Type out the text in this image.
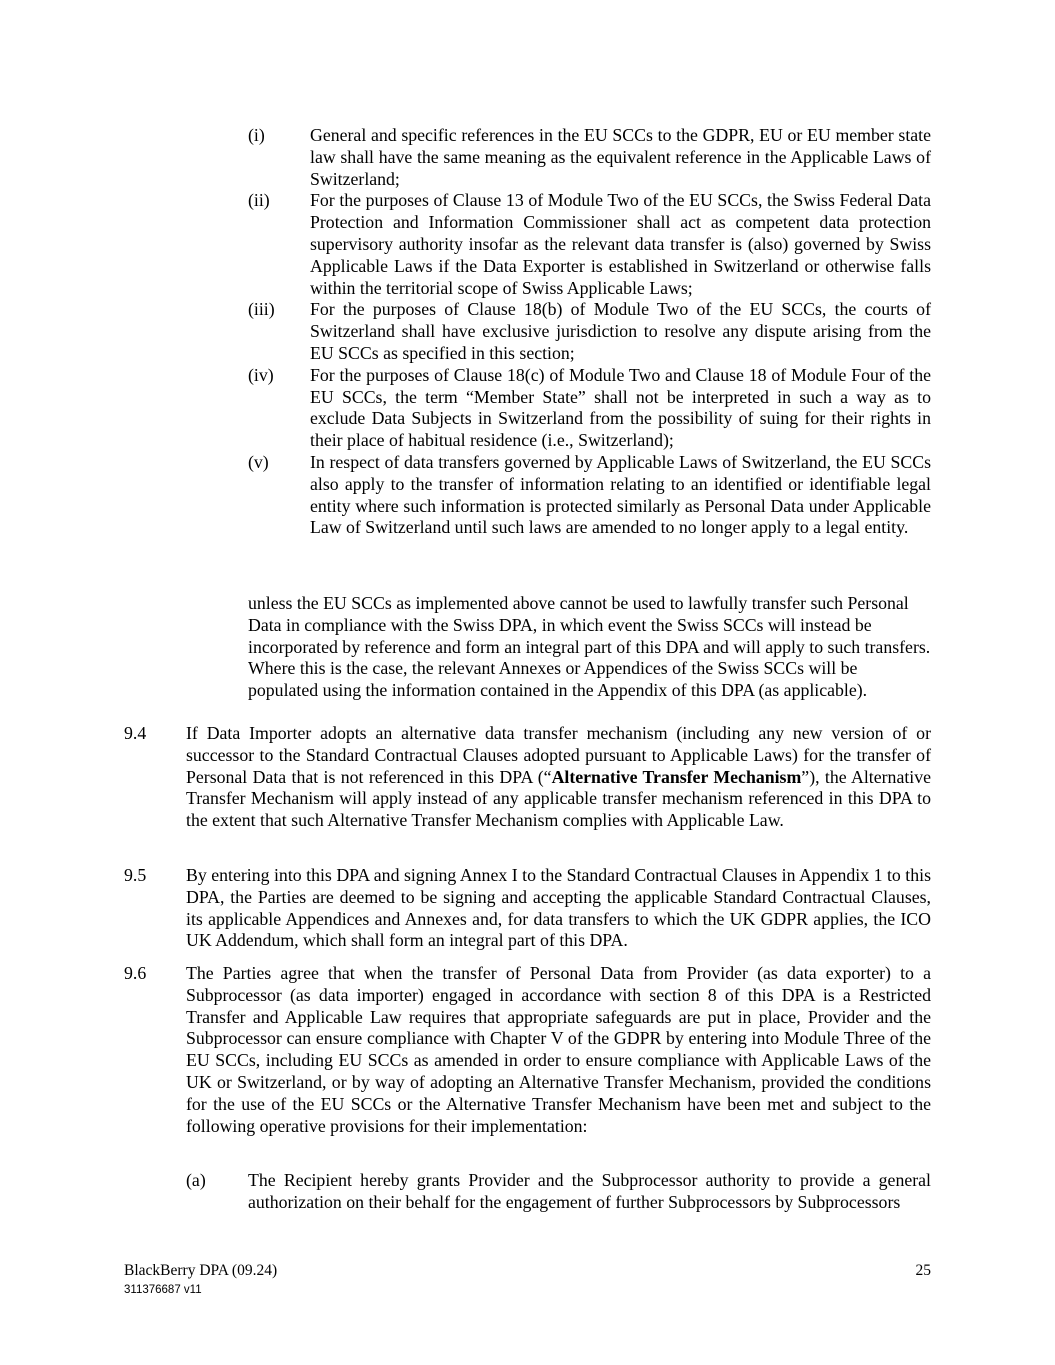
(i)	General and specific references in the EU SCCs to the GDPR, EU or EU member state law shall have the same meaning as the equivalent reference in the Applicable Laws of Switzerland;
(ii) For the purposes of Clause 13 of Module Two of the EU SCCs, the Swiss Federal Data Protection and Information Commissioner shall act as competent data protection supervisory authority insofar as the relevant data transfer is (also) governed by Swiss Applicable Laws if the Data Exporter is established in Switzerland or otherwise falls within the territorial scope of Swiss Applicable Laws;
(iii) For the purposes of Clause 18(b) of Module Two of the EU SCCs, the courts of Switzerland shall have exclusive jurisdiction to resolve any dispute arising from the EU SCCs as specified in this section;
(iv) For the purposes of Clause 18(c) of Module Two and Clause 18 of Module Four of the EU SCCs, the term “Member State” shall not be interpreted in such a way as to exclude Data Subjects in Switzerland from the possibility of suing for their rights in their place of habitual residence (i.e., Switzerland);
(v) In respect of data transfers governed by Applicable Laws of Switzerland, the EU SCCs also apply to the transfer of information relating to an identified or identifiable legal entity where such information is protected similarly as Personal Data under Applicable Law of Switzerland until such laws are amended to no longer apply to a legal entity.
unless the EU SCCs as implemented above cannot be used to lawfully transfer such Personal Data in compliance with the Swiss DPA, in which event the Swiss SCCs will instead be incorporated by reference and form an integral part of this DPA and will apply to such transfers. Where this is the case, the relevant Annexes or Appendices of the Swiss SCCs will be populated using the information contained in the Appendix of this DPA (as applicable).
9.4 If Data Importer adopts an alternative data transfer mechanism (including any new version of or successor to the Standard Contractual Clauses adopted pursuant to Applicable Laws) for the transfer of Personal Data that is not referenced in this DPA (“Alternative Transfer Mechanism”), the Alternative Transfer Mechanism will apply instead of any applicable transfer mechanism referenced in this DPA to the extent that such Alternative Transfer Mechanism complies with Applicable Law.
9.5 By entering into this DPA and signing Annex I to the Standard Contractual Clauses in Appendix 1 to this DPA, the Parties are deemed to be signing and accepting the applicable Standard Contractual Clauses, its applicable Appendices and Annexes and, for data transfers to which the UK GDPR applies, the ICO UK Addendum, which shall form an integral part of this DPA.
9.6 The Parties agree that when the transfer of Personal Data from Provider (as data exporter) to a Subprocessor (as data importer) engaged in accordance with section 8 of this DPA is a Restricted Transfer and Applicable Law requires that appropriate safeguards are put in place, Provider and the Subprocessor can ensure compliance with Chapter V of the GDPR by entering into Module Three of the EU SCCs, including EU SCCs as amended in order to ensure compliance with Applicable Laws of the UK or Switzerland, or by way of adopting an Alternative Transfer Mechanism, provided the conditions for the use of the EU SCCs or the Alternative Transfer Mechanism have been met and subject to the following operative provisions for their implementation:
(a) The Recipient hereby grants Provider and the Subprocessor authority to provide a general authorization on their behalf for the engagement of further Subprocessors by Subprocessors
BlackBerry DPA (09.24)
311376687 v11
25
